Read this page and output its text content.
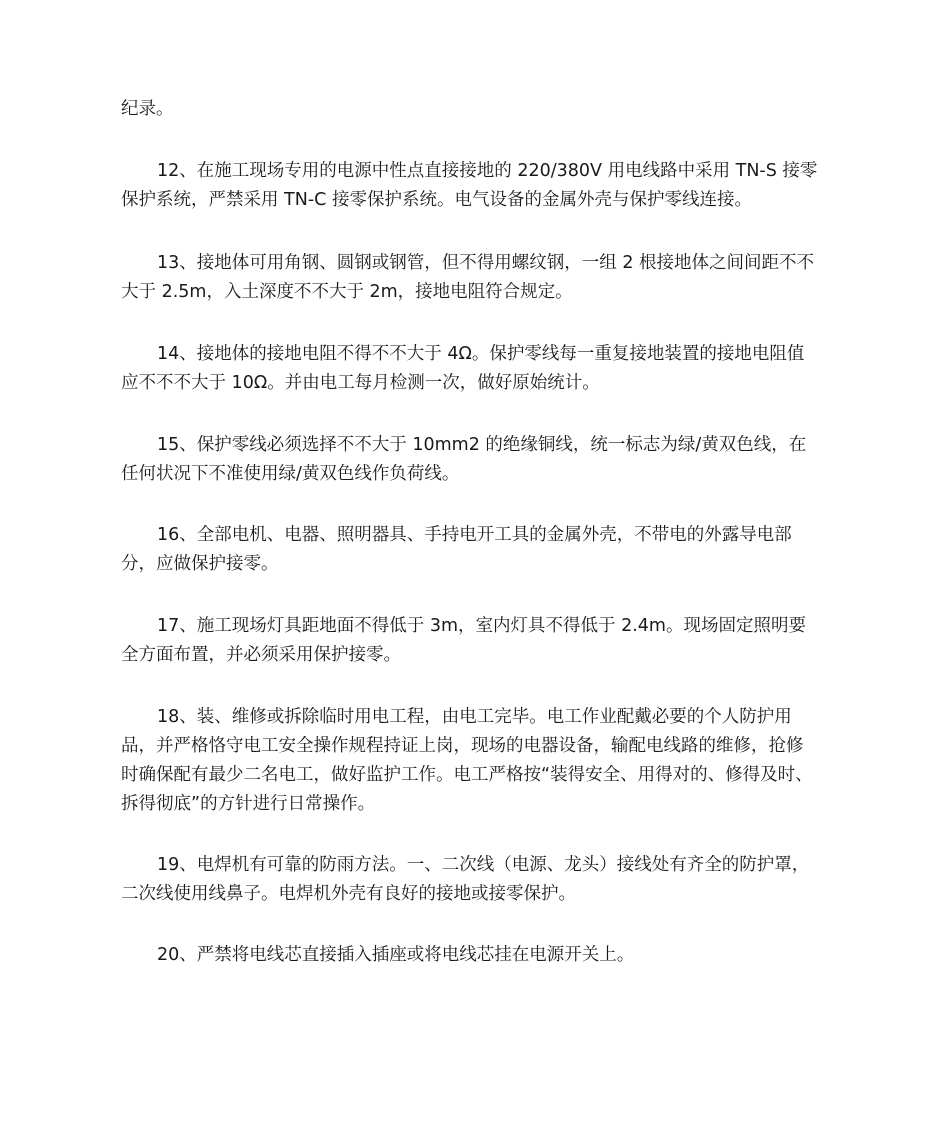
纪录。
12、在施工现场专用的电源中性点直接接地的 220/380V 用电线路中采用 TN-S 接零
保护系统，严禁采用 TN-C 接零保护系统。电气设备的金属外壳与保护零线连接。
13、接地体可用角钢、圆钢或钢管，但不得用螺纹钢，一组 2 根接地体之间间距不不
大于 2.5m，入土深度不不大于 2m，接地电阻符合规定。
14、接地体的接地电阻不得不不大于 4Ω。保护零线每一重复接地装置的接地电阻值
应不不不大于 10Ω。并由电工每月检测一次，做好原始统计。
15、保护零线必须选择不不大于 10mm2 的绝缘铜线，统一标志为绿/黄双色线，在
任何状况下不准使用绿/黄双色线作负荷线。
16、全部电机、电器、照明器具、手持电开工具的金属外壳，不带电的外露导电部
分，应做保护接零。
17、施工现场灯具距地面不得低于 3m，室内灯具不得低于 2.4m。现场固定照明要
全方面布置，并必须采用保护接零。
18、装、维修或拆除临时用电工程，由电工完毕。电工作业配戴必要的个人防护用
品，并严格恪守电工安全操作规程持证上岗，现场的电器设备，输配电线路的维修，抢修
时确保配有最少二名电工，做好监护工作。电工严格按“装得安全、用得对的、修得及时、
拆得彻底”的方针进行日常操作。
19、电焊机有可靠的防雨方法。一、二次线（电源、龙头）接线处有齐全的防护罩，
二次线使用线鼻子。电焊机外壳有良好的接地或接零保护。
20、严禁将电线芯直接插入插座或将电线芯挂在电源开关上。
